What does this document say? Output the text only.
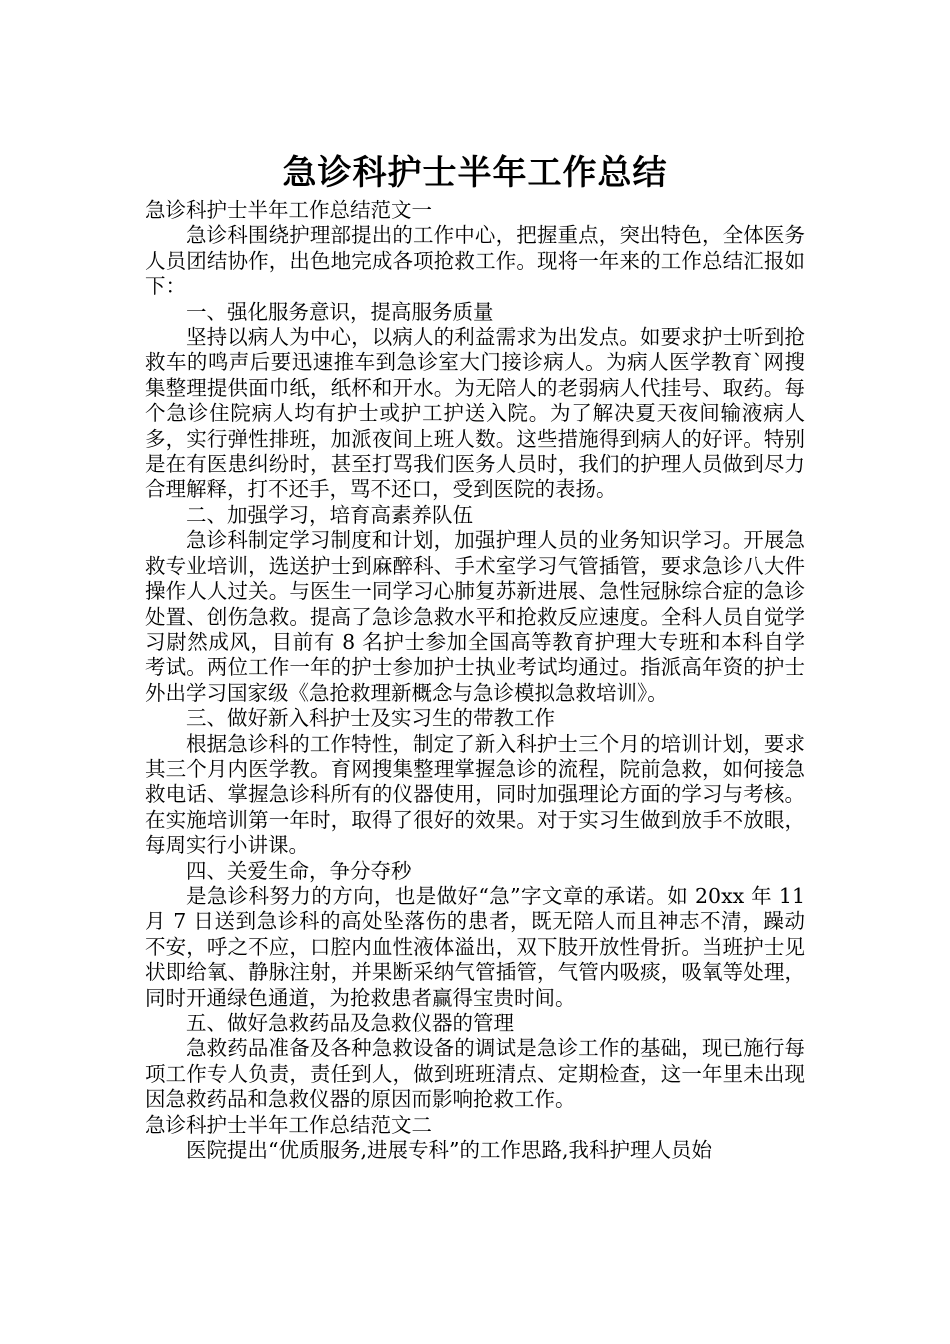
急诊科护士半年工作总结

急诊科护士半年工作总结范文一

急诊科围绕护理部提出的工作中心，把握重点，突出特色，全体医务人员团结协作，出色地完成各项抢救工作。现将一年来的工作总结汇报如下：

一、强化服务意识，提高服务质量

坚持以病人为中心，以病人的利益需求为出发点。如要求护士听到抢救车的鸣声后要迅速推车到急诊室大门接诊病人。为病人医学教育`网搜集整理提供面巾纸，纸杯和开水。为无陪人的老弱病人代挂号、取药。每个急诊住院病人均有护士或护工护送入院。为了解决夏天夜间输液病人多，实行弹性排班，加派夜间上班人数。这些措施得到病人的好评。特别是在有医患纠纷时，甚至打骂我们医务人员时，我们的护理人员做到尽力合理解释，打不还手，骂不还口，受到医院的表扬。

二、加强学习，培育高素养队伍

急诊科制定学习制度和计划，加强护理人员的业务知识学习。开展急救专业培训，选送护士到麻醉科、手术室学习气管插管，要求急诊八大件操作人人过关。与医生一同学习心肺复苏新进展、急性冠脉综合症的急诊处置、创伤急救。提高了急诊急救水平和抢救反应速度。全科人员自觉学习尉然成风，目前有 8 名护士参加全国高等教育护理大专班和本科自学考试。两位工作一年的护士参加护士执业考试均通过。指派高年资的护士外出学习国家级《急抢救理新概念与急诊模拟急救培训》。

三、做好新入科护士及实习生的带教工作

根据急诊科的工作特性，制定了新入科护士三个月的培训计划，要求其三个月内医学教。育网搜集整理掌握急诊的流程，院前急救，如何接急救电话、掌握急诊科所有的仪器使用，同时加强理论方面的学习与考核。在实施培训第一年时，取得了很好的效果。对于实习生做到放手不放眼，每周实行小讲课。

四、关爱生命，争分夺秒

是急诊科努力的方向，也是做好“急”字文章的承诺。如 20xx 年 11 月 7 日送到急诊科的高处坠落伤的患者，既无陪人而且神志不清，躁动不安，呼之不应，口腔内血性液体溢出，双下肢开放性骨折。当班护士见状即给氧、静脉注射，并果断采纳气管插管，气管内吸痰，吸氧等处理，同时开通绿色通道，为抢救患者赢得宝贵时间。

五、做好急救药品及急救仪器的管理

急救药品准备及各种急救设备的调试是急诊工作的基础，现已施行每项工作专人负责，责任到人，做到班班清点、定期检查，这一年里未出现因急救药品和急救仪器的原因而影响抢救工作。

急诊科护士半年工作总结范文二

医院提出“优质服务,进展专科”的工作思路,我科护理人员始
